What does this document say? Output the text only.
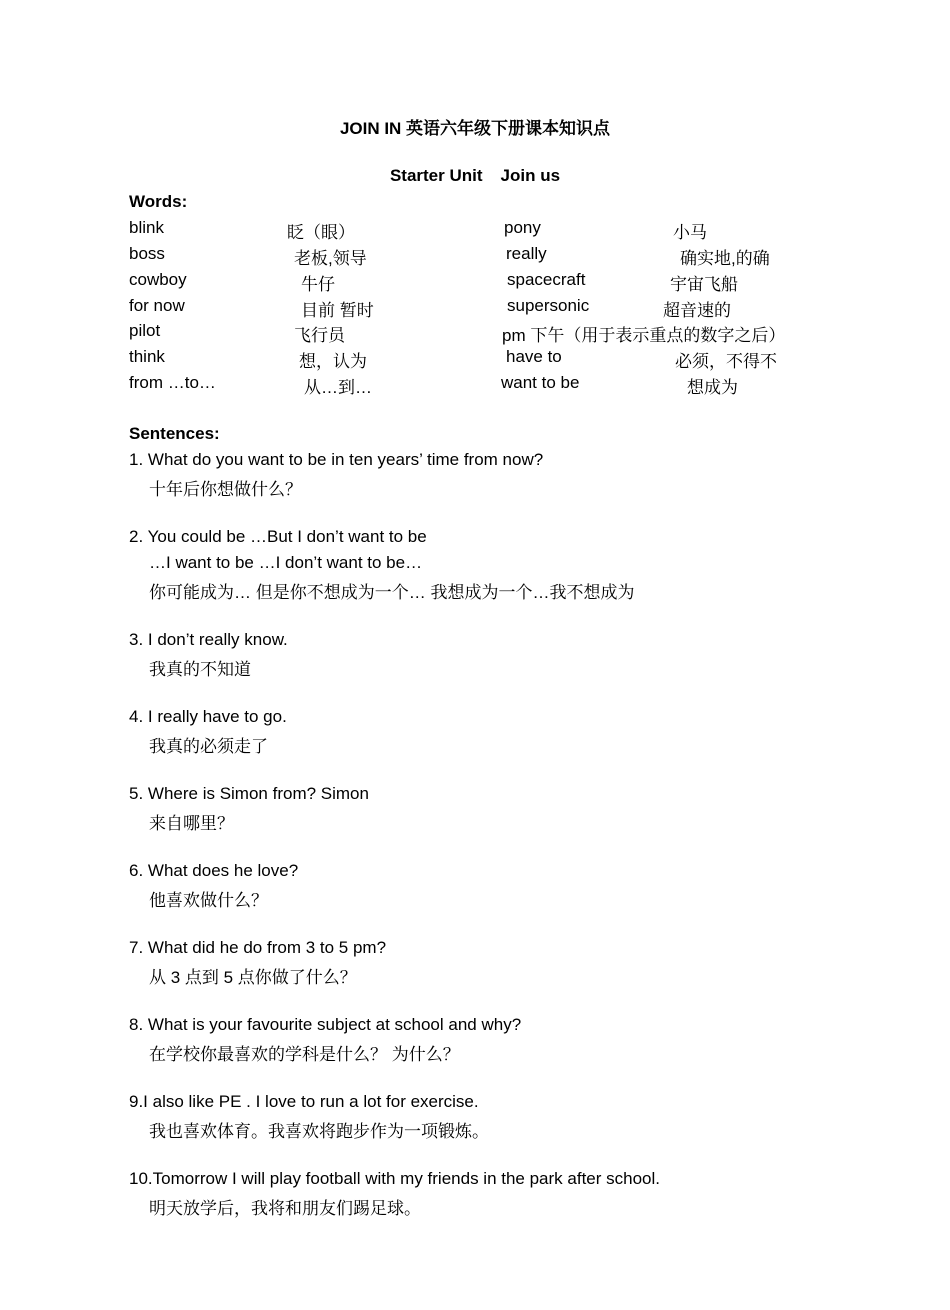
JOIN IN 英语六年级下册课本知识点
Starter Unit Join us
Words:
blink	眨（眼）	pony	小马
boss	老板,领导	really	确实地,的确
cowboy	牛仔	spacecraft	宇宙飞船
for now	目前 暂时	supersonic	超音速的
pilot	飞行员	pm 下午（用于表示重点的数字之后）
think	想，认为	have to	必须，不得不
from …to…	从…到…	want to be	想成为
Sentences:
1. What do you want to be in ten years’ time from now?
十年后你想做什么？
2. You could be …But I don’t want to be
…I want to be …I don’t want to be…
你可能成为… 但是你不想成为一个… 我想成为一个…我不想成为
3. I don’t really know.
我真的不知道
4. I really have to go.
我真的必须走了
5. Where is Simon from? Simon
来自哪里？
6. What does he love?
他喜欢做什么？
7. What did he do from 3 to 5 pm?
从 3 点到 5 点你做了什么？
8. What is your favourite subject at school and why?
在学校你最喜欢的学科是什么？ 为什么？
9.I also like PE . I love to run a lot for exercise.
我也喜欢体育。我喜欢将跑步作为一项锻炼。
10.Tomorrow I will play football with my friends in the park after school.
明天放学后，我将和朋友们踢足球。
